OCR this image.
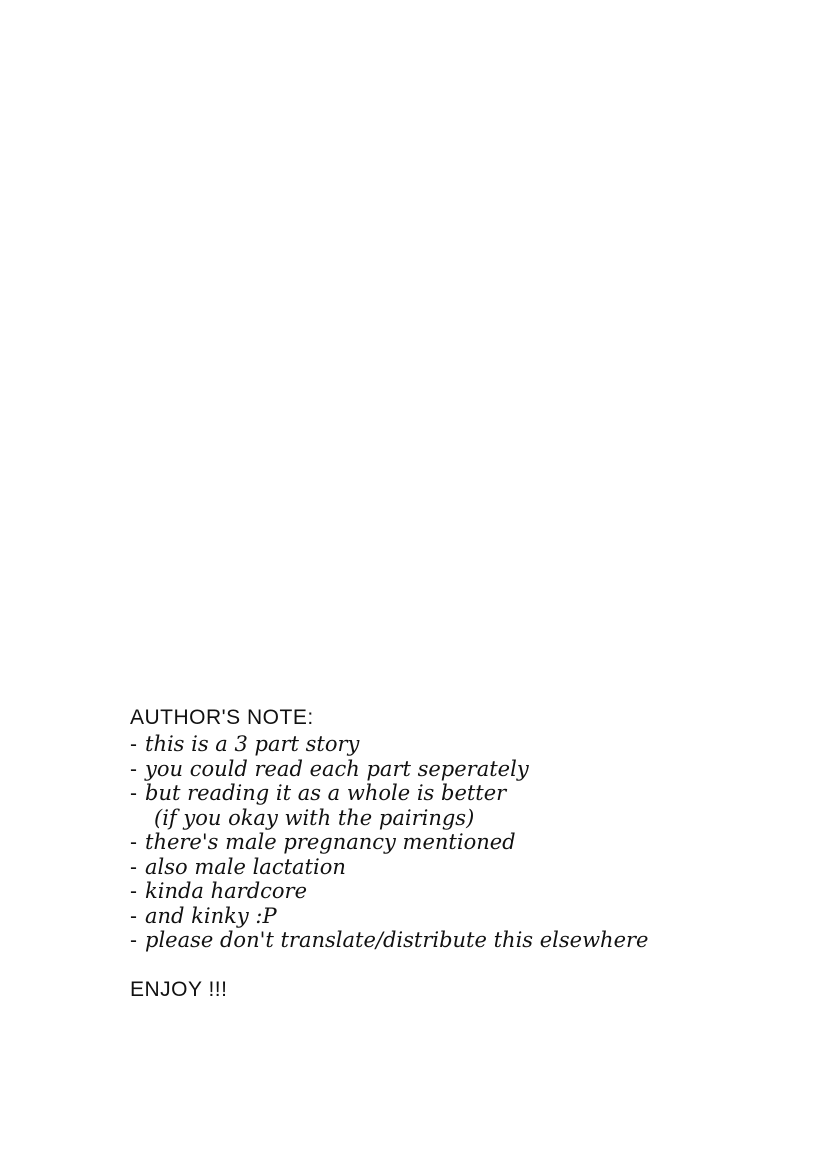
AUTHOR'S NOTE:
- this is a 3 part story
- you could read each part seperately
- but reading it as a whole is better
(if you okay with the pairings)
- there's male pregnancy mentioned
- also male lactation
- kinda hardcore
- and kinky :P
- please don't translate/distribute this elsewhere

ENJOY !!!
